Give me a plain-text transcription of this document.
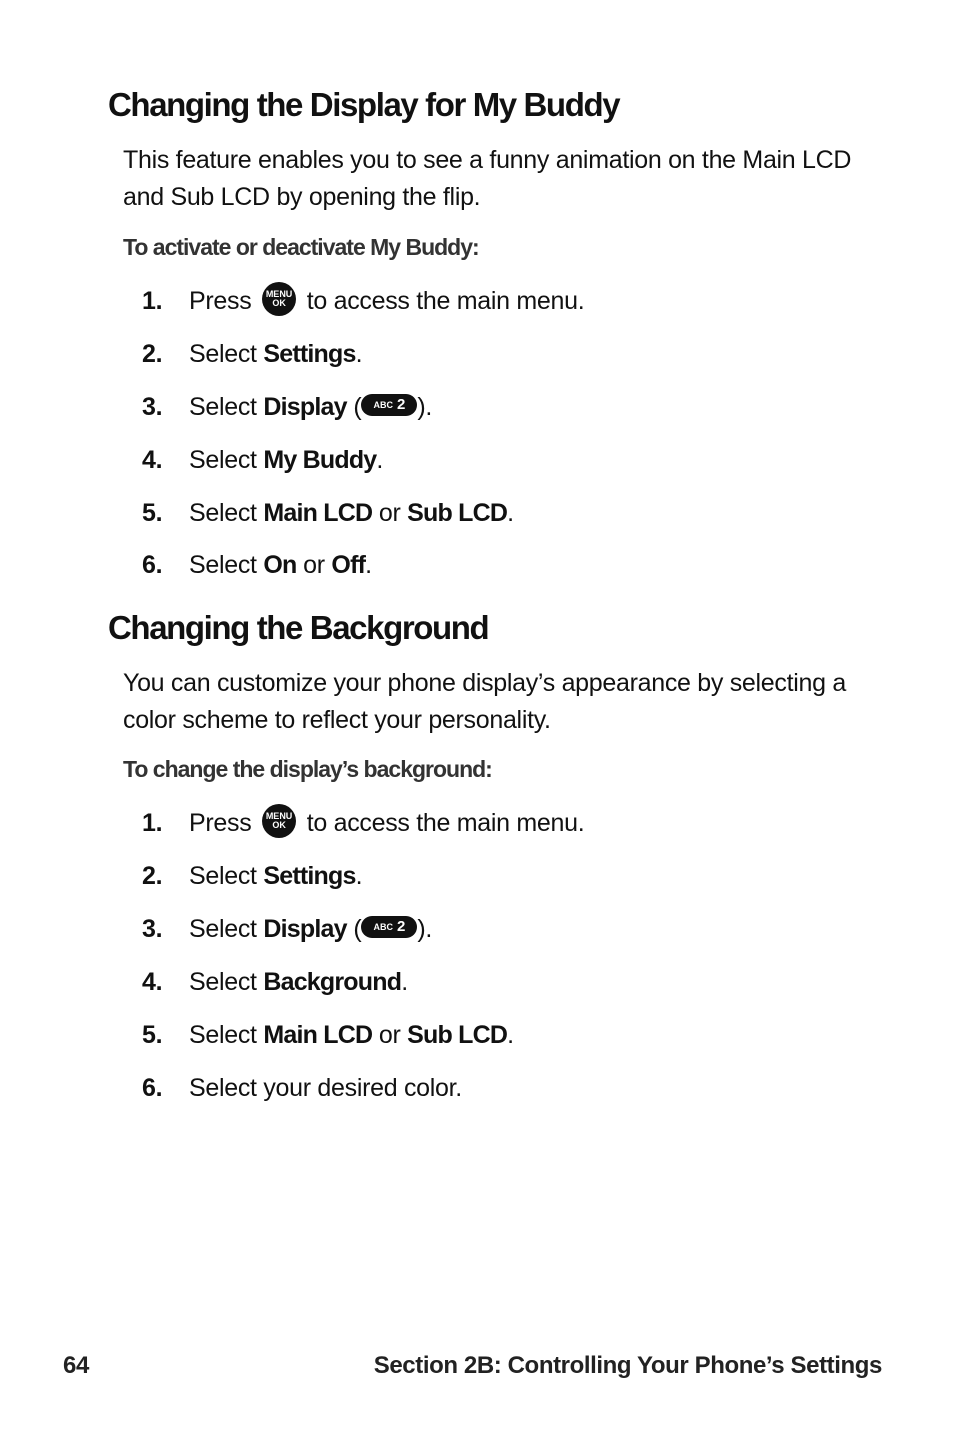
Changing the Display for My Buddy

This feature enables you to see a funny animation on the Main LCD and Sub LCD by opening the flip.

To activate or deactivate My Buddy:

1. Press MENU
OK to access the main menu.
2. Select Settings.
3. Select Display ( ABC 2 ).
4. Select My Buddy.
5. Select Main LCD or Sub LCD.
6. Select On or Off.
Changing the Background

You can customize your phone display’s appearance by selecting a color scheme to reflect your personality.

To change the display’s background:

1. Press MENU
OK to access the main menu.
2. Select Settings.
3. Select Display ( ABC 2 ).
4. Select Background.
5. Select Main LCD or Sub LCD.
6. Select your desired color.
64	Section 2B: Controlling Your Phone’s Settings
